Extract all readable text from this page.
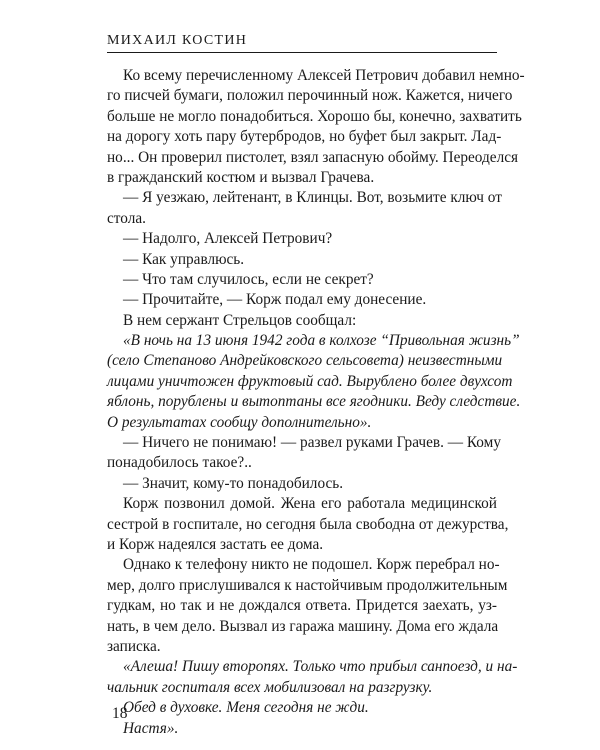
МИХАИЛ КОСТИН
Ко всему перечисленному Алексей Петрович добавил немно-
го писчей бумаги, положил перочинный нож. Кажется, ничего
больше не могло понадобиться. Хорошо бы, конечно, захватить
на дорогу хоть пару бутербродов, но буфет был закрыт. Лад-
но... Он проверил пистолет, взял запасную обойму. Переоделся
в гражданский костюм и вызвал Грачева.
— Я уезжаю, лейтенант, в Клинцы. Вот, возьмите ключ от
стола.
— Надолго, Алексей Петрович?
— Как управлюсь.
— Что там случилось, если не секрет?
— Прочитайте, — Корж подал ему донесение.
В нем сержант Стрельцов сообщал:
«В ночь на 13 июня 1942 года в колхозе “Привольная жизнь”
(село Степаново Андрейковского сельсовета) неизвестными
лицами уничтожен фруктовый сад. Вырублено более двухсот
яблонь, порублены и вытоптаны все ягодники. Веду следствие.
О результатах сообщу дополнительно».
— Ничего не понимаю! — развел руками Грачев. — Кому
понадобилось такое?..
— Значит, кому-то понадобилось.
Корж позвонил домой. Жена его работала медицинской
сестрой в госпитале, но сегодня была свободна от дежурства,
и Корж надеялся застать ее дома.
Однако к телефону никто не подошел. Корж перебрал но-
мер, долго прислушивался к настойчивым продолжительным
гудкам, но так и не дождался ответа. Придется заехать, уз-
нать, в чем дело. Вызвал из гаража машину. Дома его ждала
записка.
«Алеша! Пишу второпях. Только что прибыл санпоезд, и на-
чальник госпиталя всех мобилизовал на разгрузку.
Обед в духовке. Меня сегодня не жди.
Настя».
18
